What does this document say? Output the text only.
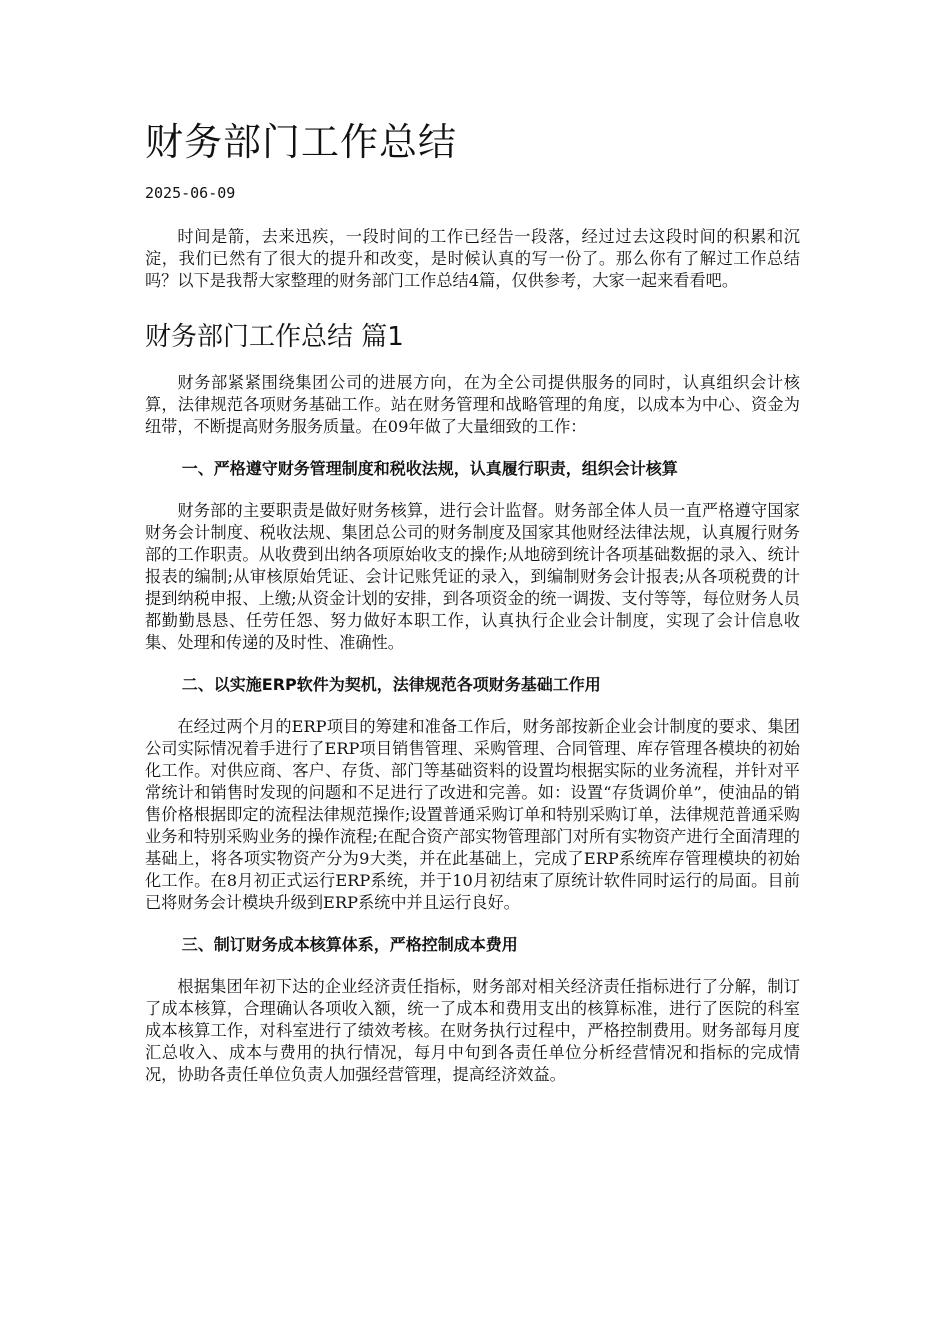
财务部门工作总结
2025-06-09

时间是箭，去来迅疾，一段时间的工作已经告一段落，经过过去这段时间的积累和沉淀，我们已然有了很大的提升和改变，是时候认真的写一份了。那么你有了解过工作总结吗？以下是我帮大家整理的财务部门工作总结4篇，仅供参考，大家一起来看看吧。

财务部门工作总结 篇1

财务部紧紧围绕集团公司的进展方向，在为全公司提供服务的同时，认真组织会计核算，法律规范各项财务基础工作。站在财务管理和战略管理的角度，以成本为中心、资金为纽带，不断提高财务服务质量。在09年做了大量细致的工作：

一、严格遵守财务管理制度和税收法规，认真履行职责，组织会计核算

财务部的主要职责是做好财务核算，进行会计监督。财务部全体人员一直严格遵守国家财务会计制度、税收法规、集团总公司的财务制度及国家其他财经法律法规，认真履行财务部的工作职责。从收费到出纳各项原始收支的操作;从地磅到统计各项基础数据的录入、统计报表的编制;从审核原始凭证、会计记账凭证的录入，到编制财务会计报表;从各项税费的计提到纳税申报、上缴;从资金计划的安排，到各项资金的统一调拨、支付等等，每位财务人员都勤勤恳恳、任劳任怨、努力做好本职工作，认真执行企业会计制度，实现了会计信息收集、处理和传递的及时性、准确性。

二、以实施ERP软件为契机，法律规范各项财务基础工作用

在经过两个月的ERP项目的筹建和准备工作后，财务部按新企业会计制度的要求、集团公司实际情况着手进行了ERP项目销售管理、采购管理、合同管理、库存管理各模块的初始化工作。对供应商、客户、存货、部门等基础资料的设置均根据实际的业务流程，并针对平常统计和销售时发现的问题和不足进行了改进和完善。如：设置“存货调价单”，使油品的销售价格根据即定的流程法律规范操作;设置普通采购订单和特别采购订单，法律规范普通采购业务和特别采购业务的操作流程;在配合资产部实物管理部门对所有实物资产进行全面清理的基础上，将各项实物资产分为9大类，并在此基础上，完成了ERP系统库存管理模块的初始化工作。在8月初正式运行ERP系统，并于10月初结束了原统计软件同时运行的局面。目前已将财务会计模块升级到ERP系统中并且运行良好。

三、制订财务成本核算体系，严格控制成本费用

根据集团年初下达的企业经济责任指标，财务部对相关经济责任指标进行了分解，制订了成本核算，合理确认各项收入额，统一了成本和费用支出的核算标准，进行了医院的科室成本核算工作，对科室进行了绩效考核。在财务执行过程中，严格控制费用。财务部每月度汇总收入、成本与费用的执行情况，每月中旬到各责任单位分析经营情况和指标的完成情况，协助各责任单位负责人加强经营管理，提高经济效益。
